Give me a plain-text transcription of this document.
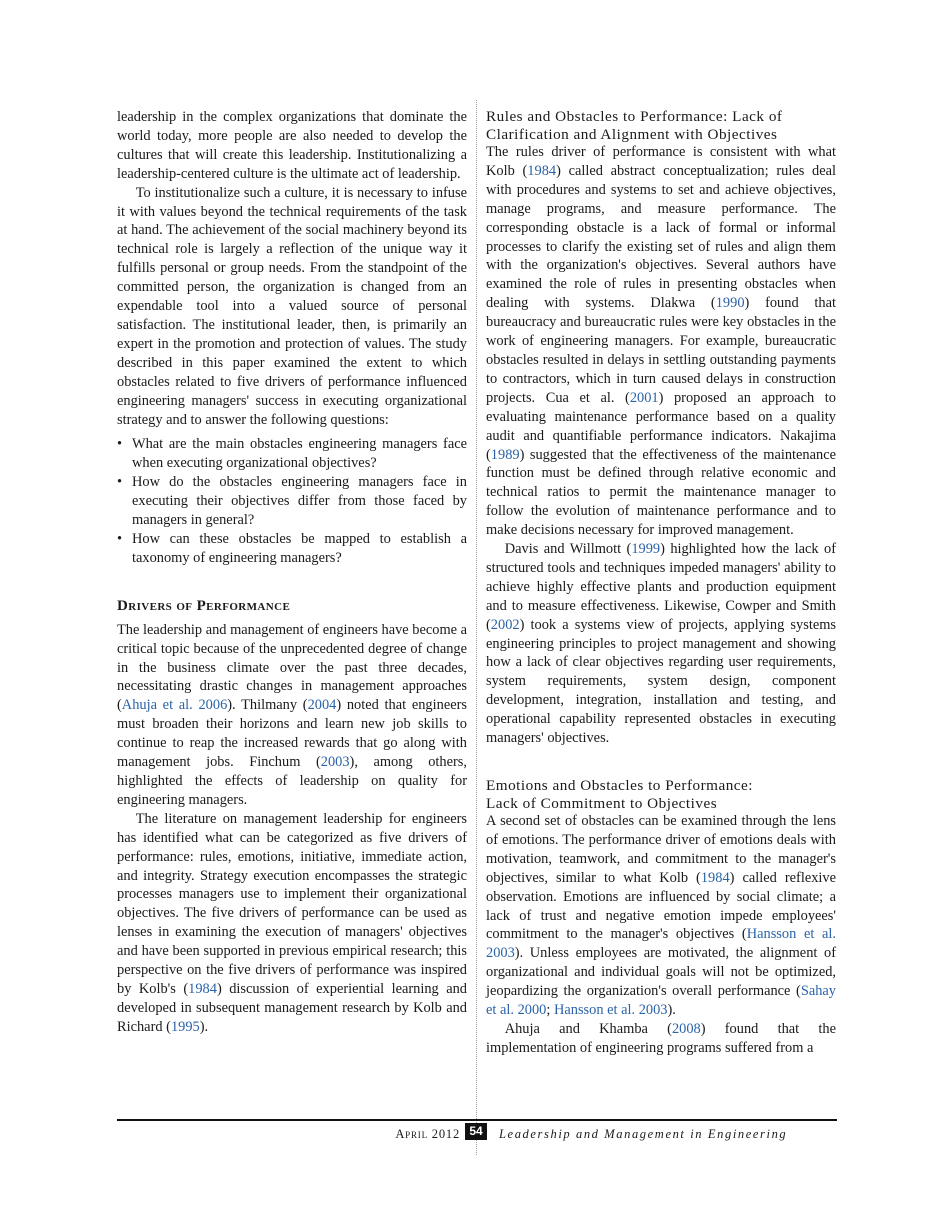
leadership in the complex organizations that dominate the world today, more people are also needed to develop the cultures that will create this leadership. Institutionalizing a leadership-centered culture is the ultimate act of leadership.

To institutionalize such a culture, it is necessary to infuse it with values beyond the technical requirements of the task at hand. The achievement of the social machinery beyond its technical role is largely a reflection of the unique way it fulfills personal or group needs. From the standpoint of the committed person, the organization is changed from an expendable tool into a valued source of personal satisfaction. The institutional leader, then, is primarily an expert in the promotion and protection of values. The study described in this paper examined the extent to which obstacles related to five drivers of performance influenced engineering managers' success in executing organizational strategy and to answer the following questions:

• What are the main obstacles engineering managers face when executing organizational objectives?
• How do the obstacles engineering managers face in executing their objectives differ from those faced by managers in general?
• How can these obstacles be mapped to establish a taxonomy of engineering managers?
Drivers of Performance

The leadership and management of engineers have become a critical topic because of the unprecedented degree of change in the business climate over the past three decades, necessitating drastic changes in management approaches (Ahuja et al. 2006). Thilmany (2004) noted that engineers must broaden their horizons and learn new job skills to continue to reap the increased rewards that go along with management jobs. Finchum (2003), among others, highlighted the effects of leadership on quality for engineering managers.

The literature on management leadership for engineers has identified what can be categorized as five drivers of performance: rules, emotions, initiative, immediate action, and integrity. Strategy execution encompasses the strategic processes managers use to implement their organizational objectives. The five drivers of performance can be used as lenses in examining the execution of managers' objectives and have been supported in previous empirical research; this perspective on the five drivers of performance was inspired by Kolb's (1984) discussion of experiential learning and developed in subsequent management research by Kolb and Richard (1995).

Rules and Obstacles to Performance: Lack of
Clarification and Alignment with Objectives

The rules driver of performance is consistent with what Kolb (1984) called abstract conceptualization; rules deal with procedures and systems to set and achieve objectives, manage programs, and measure performance. The corresponding obstacle is a lack of formal or informal processes to clarify the existing set of rules and align them with the organization's objectives. Several authors have examined the role of rules in presenting obstacles when dealing with systems. Dlakwa (1990) found that bureaucracy and bureaucratic rules were key obstacles in the work of engineering managers. For example, bureaucratic obstacles resulted in delays in settling outstanding payments to contractors, which in turn caused delays in construction projects. Cua et al. (2001) proposed an approach to evaluating maintenance performance based on a quality audit and quantifiable performance indicators. Nakajima (1989) suggested that the effectiveness of the maintenance function must be defined through relative economic and technical ratios to permit the maintenance manager to follow the evolution of maintenance performance and to make decisions necessary for improved management.

Davis and Willmott (1999) highlighted how the lack of structured tools and techniques impeded managers' ability to achieve highly effective plants and production equipment and to measure effectiveness. Likewise, Cowper and Smith (2002) took a systems view of projects, applying systems engineering principles to project management and showing how a lack of clear objectives regarding user requirements, system requirements, system design, component development, integration, installation and testing, and operational capability represented obstacles in executing managers' objectives.

Emotions and Obstacles to Performance:
Lack of Commitment to Objectives

A second set of obstacles can be examined through the lens of emotions. The performance driver of emotions deals with motivation, teamwork, and commitment to the manager's objectives, similar to what Kolb (1984) called reflexive observation. Emotions are influenced by social climate; a lack of trust and negative emotion impede employees' commitment to the manager's objectives (Hansson et al. 2003). Unless employees are motivated, the alignment of organizational and individual goals will not be optimized, jeopardizing the organization's overall performance (Sahay et al. 2000; Hansson et al. 2003).

Ahuja and Khamba (2008) found that the implementation of engineering programs suffered from a

April 2012 54	Leadership and Management in Engineering
